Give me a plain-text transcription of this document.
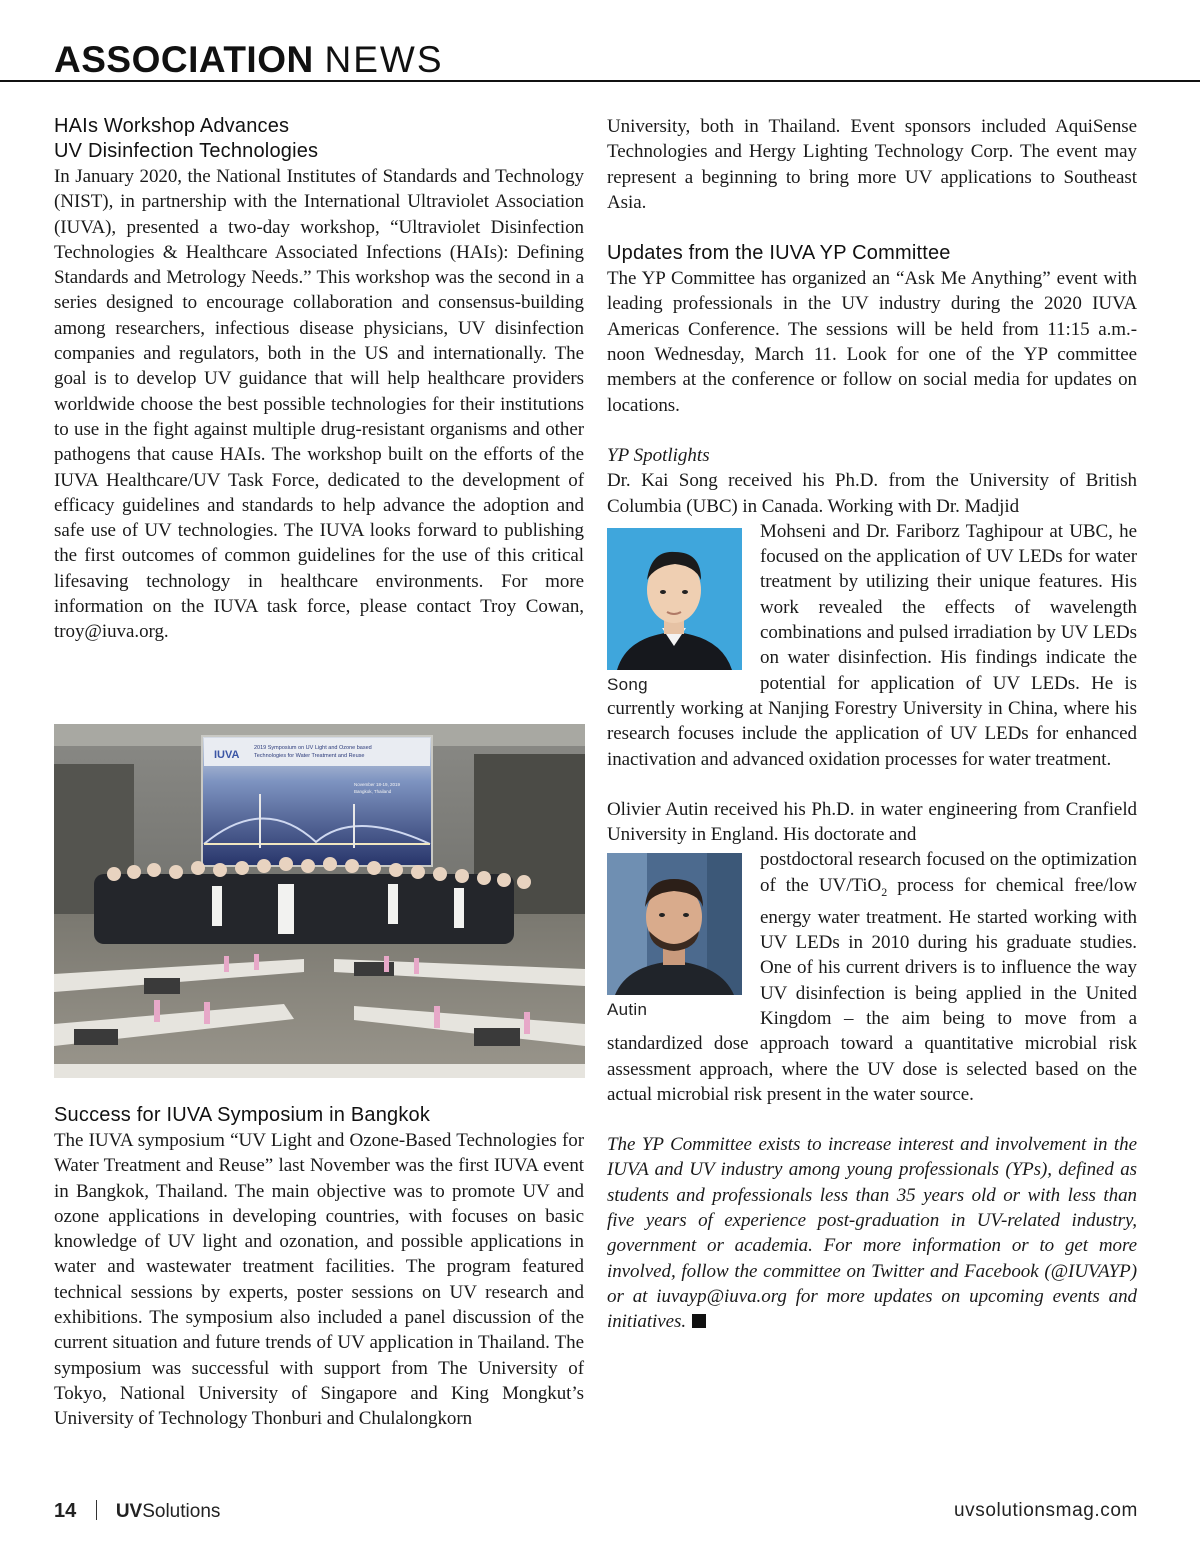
ASSOCIATION NEWS
HAIs Workshop Advances
UV Disinfection Technologies

In January 2020, the National Institutes of Standards and Technology (NIST), in partnership with the International Ultraviolet Association (IUVA), presented a two-day workshop, “Ultraviolet Disinfection Technologies & Healthcare Associated Infections (HAIs): Defining Standards and Metrology Needs.” This workshop was the second in a series designed to encourage collaboration and consensus-building among researchers, infectious disease physicians, UV disinfection companies and regulators, both in the US and internationally. The goal is to develop UV guidance that will help healthcare providers worldwide choose the best possible technologies for their institutions to use in the fight against multiple drug-resistant organisms and other pathogens that cause HAIs. The workshop built on the efforts of the IUVA Healthcare/UV Task Force, dedicated to the development of efficacy guidelines and standards to help advance the adoption and safe use of UV technologies. The IUVA looks forward to publishing the first outcomes of common guidelines for the use of this critical lifesaving technology in healthcare environments. For more information on the IUVA task force, please contact Troy Cowan, troy@iuva.org.

IUVA
2019 Symposium on UV Light and Ozone based
Technologies for Water Treatment and Reuse
November 18-19, 2019
Bangkok, Thailand
Success for IUVA Symposium in Bangkok

The IUVA symposium “UV Light and Ozone-Based Technologies for Water Treatment and Reuse” last November was the first IUVA event in Bangkok, Thailand. The main objective was to promote UV and ozone applications in developing countries, with focuses on basic knowledge of UV light and ozonation, and possible applications in water and wastewater treatment facilities. The program featured technical sessions by experts, poster sessions on UV research and exhibitions. The symposium also included a panel discussion of the current situation and future trends of UV application in Thailand. The symposium was successful with support from The University of Tokyo, National University of Singapore and King Mongkut’s University of Technology Thonburi and Chulalongkorn

University, both in Thailand. Event sponsors included AquiSense Technologies and Hergy Lighting Technology Corp. The event may represent a beginning to bring more UV applications to Southeast Asia.

Updates from the IUVA YP Committee

The YP Committee has organized an “Ask Me Anything” event with leading professionals in the UV industry during the 2020 IUVA Americas Conference. The sessions will be held from 11:15 a.m.-noon Wednesday, March 11. Look for one of the YP committee members at the conference or follow on social media for updates on locations.

YP Spotlights

Dr. Kai Song received his Ph.D. from the University of British Columbia (UBC) in Canada. Working with Dr. Madjid

Song

Mohseni and Dr. Fariborz Taghipour at UBC, he focused on the application of UV LEDs for water treatment by utilizing their unique features. His work revealed the effects of wavelength combinations and pulsed irradiation by UV LEDs on water disinfection. His findings indicate the potential for application of UV LEDs. He is currently working at Nanjing Forestry University in China, where his research focuses include the application of UV LEDs for enhanced inactivation and advanced oxidation processes for water treatment.

Olivier Autin received his Ph.D. in water engineering from Cranfield University in England. His doctorate and

Autin

postdoctoral research focused on the optimization of the UV/TiO$_2$ process for chemical free/low energy water treatment. He started working with UV LEDs in 2010 during his graduate studies. One of his current drivers is to influence the way UV disinfection is being applied in the United Kingdom – the aim being to move from a standardized dose approach toward a quantitative microbial risk assessment approach, where the UV dose is selected based on the actual microbial risk present in the water source.

The YP Committee exists to increase interest and involvement in the IUVA and UV industry among young professionals (YPs), defined as students and professionals less than 35 years old or with less than five years of experience post-graduation in UV-related industry, government or academia. For more information or to get more involved, follow the committee on Twitter and Facebook (@IUVAYP) or at iuvayp@iuva.org for more updates on upcoming events and initiatives.

14 UVSolutions	uvsolutionsmag.com
